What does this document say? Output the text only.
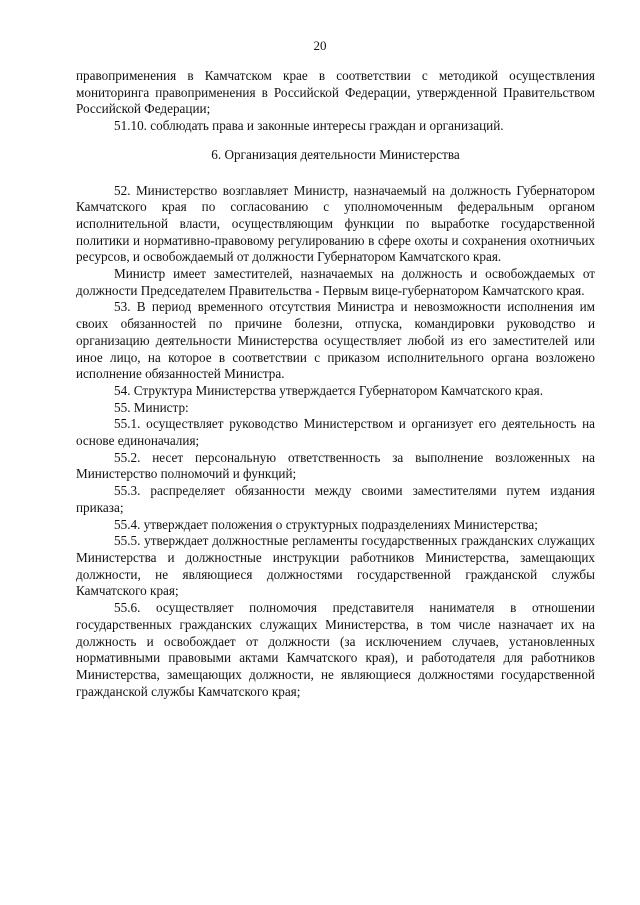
20

правоприменения в Камчатском крае в соответствии с методикой осуществления мониторинга правоприменения в Российской Федерации, утвержденной Правительством Российской Федерации;

51.10. соблюдать права и законные интересы граждан и организаций.

6. Организация деятельности Министерства

52. Министерство возглавляет Министр, назначаемый на должность Губернатором Камчатского края по согласованию с уполномоченным федеральным органом исполнительной власти, осуществляющим функции по выработке государственной политики и нормативно-правовому регулированию в сфере охоты и сохранения охотничьих ресурсов, и освобождаемый от должности Губернатором Камчатского края.

Министр имеет заместителей, назначаемых на должность и освобождаемых от должности Председателем Правительства - Первым вице-губернатором Камчатского края.

53. В период временного отсутствия Министра и невозможности исполнения им своих обязанностей по причине болезни, отпуска, командировки руководство и организацию деятельности Министерства осуществляет любой из его заместителей или иное лицо, на которое в соответствии с приказом исполнительного органа возложено исполнение обязанностей Министра.

54. Структура Министерства утверждается Губернатором Камчатского края.

55. Министр:

55.1. осуществляет руководство Министерством и организует его деятельность на основе единоначалия;

55.2. несет персональную ответственность за выполнение возложенных на Министерство полномочий и функций;

55.3. распределяет обязанности между своими заместителями путем издания приказа;

55.4. утверждает положения о структурных подразделениях Министерства;

55.5. утверждает должностные регламенты государственных гражданских служащих Министерства и должностные инструкции работников Министерства, замещающих должности, не являющиеся должностями государственной гражданской службы Камчатского края;

55.6. осуществляет полномочия представителя нанимателя в отношении государственных гражданских служащих Министерства, в том числе назначает их на должность и освобождает от должности (за исключением случаев, установленных нормативными правовыми актами Камчатского края), и работодателя для работников Министерства, замещающих должности, не являющиеся должностями государственной гражданской службы Камчатского края;
